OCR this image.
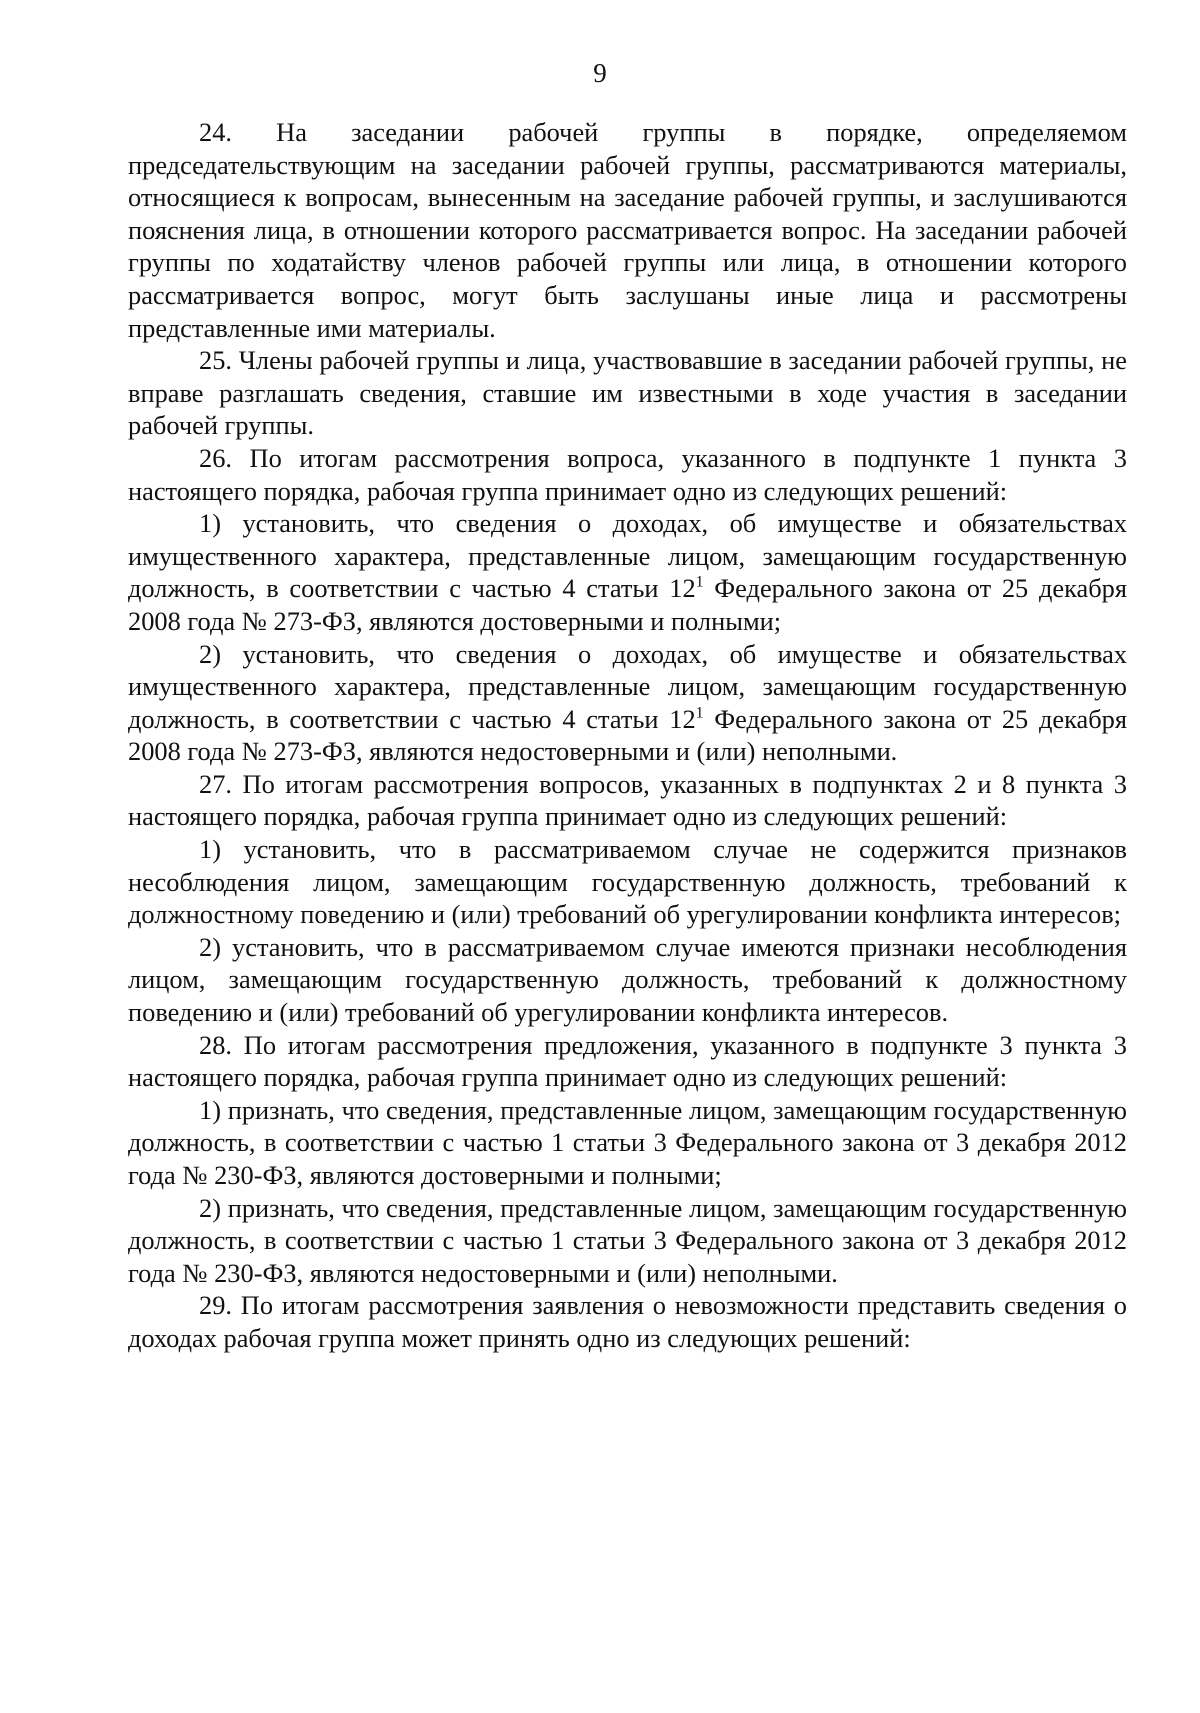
9

24. На заседании рабочей группы в порядке, определяемом председательствующим на заседании рабочей группы, рассматриваются материалы, относящиеся к вопросам, вынесенным на заседание рабочей группы, и заслушиваются пояснения лица, в отношении которого рассматривается вопрос. На заседании рабочей группы по ходатайству членов рабочей группы или лица, в отношении которого рассматривается вопрос, могут быть заслушаны иные лица и рассмотрены представленные ими материалы.

25. Члены рабочей группы и лица, участвовавшие в заседании рабочей группы, не вправе разглашать сведения, ставшие им известными в ходе участия в заседании рабочей группы.

26. По итогам рассмотрения вопроса, указанного в подпункте 1 пункта 3 настоящего порядка, рабочая группа принимает одно из следующих решений:

1) установить, что сведения о доходах, об имуществе и обязательствах имущественного характера, представленные лицом, замещающим государственную должность, в соответствии с частью 4 статьи $12^1$ Федерального закона от 25 декабря 2008 года № 273-ФЗ, являются достоверными и полными;

2) установить, что сведения о доходах, об имуществе и обязательствах имущественного характера, представленные лицом, замещающим государственную должность, в соответствии с частью 4 статьи $12^1$ Федерального закона от 25 декабря 2008 года № 273-ФЗ, являются недостоверными и (или) неполными.

27. По итогам рассмотрения вопросов, указанных в подпунктах 2 и 8 пункта 3 настоящего порядка, рабочая группа принимает одно из следующих решений:

1) установить, что в рассматриваемом случае не содержится признаков несоблюдения лицом, замещающим государственную должность, требований к должностному поведению и (или) требований об урегулировании конфликта интересов;

2) установить, что в рассматриваемом случае имеются признаки несоблюдения лицом, замещающим государственную должность, требований к должностному поведению и (или) требований об урегулировании конфликта интересов.

28. По итогам рассмотрения предложения, указанного в подпункте 3 пункта 3 настоящего порядка, рабочая группа принимает одно из следующих решений:

1) признать, что сведения, представленные лицом, замещающим государственную должность, в соответствии с частью 1 статьи 3 Федерального закона от 3 декабря 2012 года № 230-ФЗ, являются достоверными и полными;

2) признать, что сведения, представленные лицом, замещающим государственную должность, в соответствии с частью 1 статьи 3 Федерального закона от 3 декабря 2012 года № 230-ФЗ, являются недостоверными и (или) неполными.

29. По итогам рассмотрения заявления о невозможности представить сведения о доходах рабочая группа может принять одно из следующих решений:
